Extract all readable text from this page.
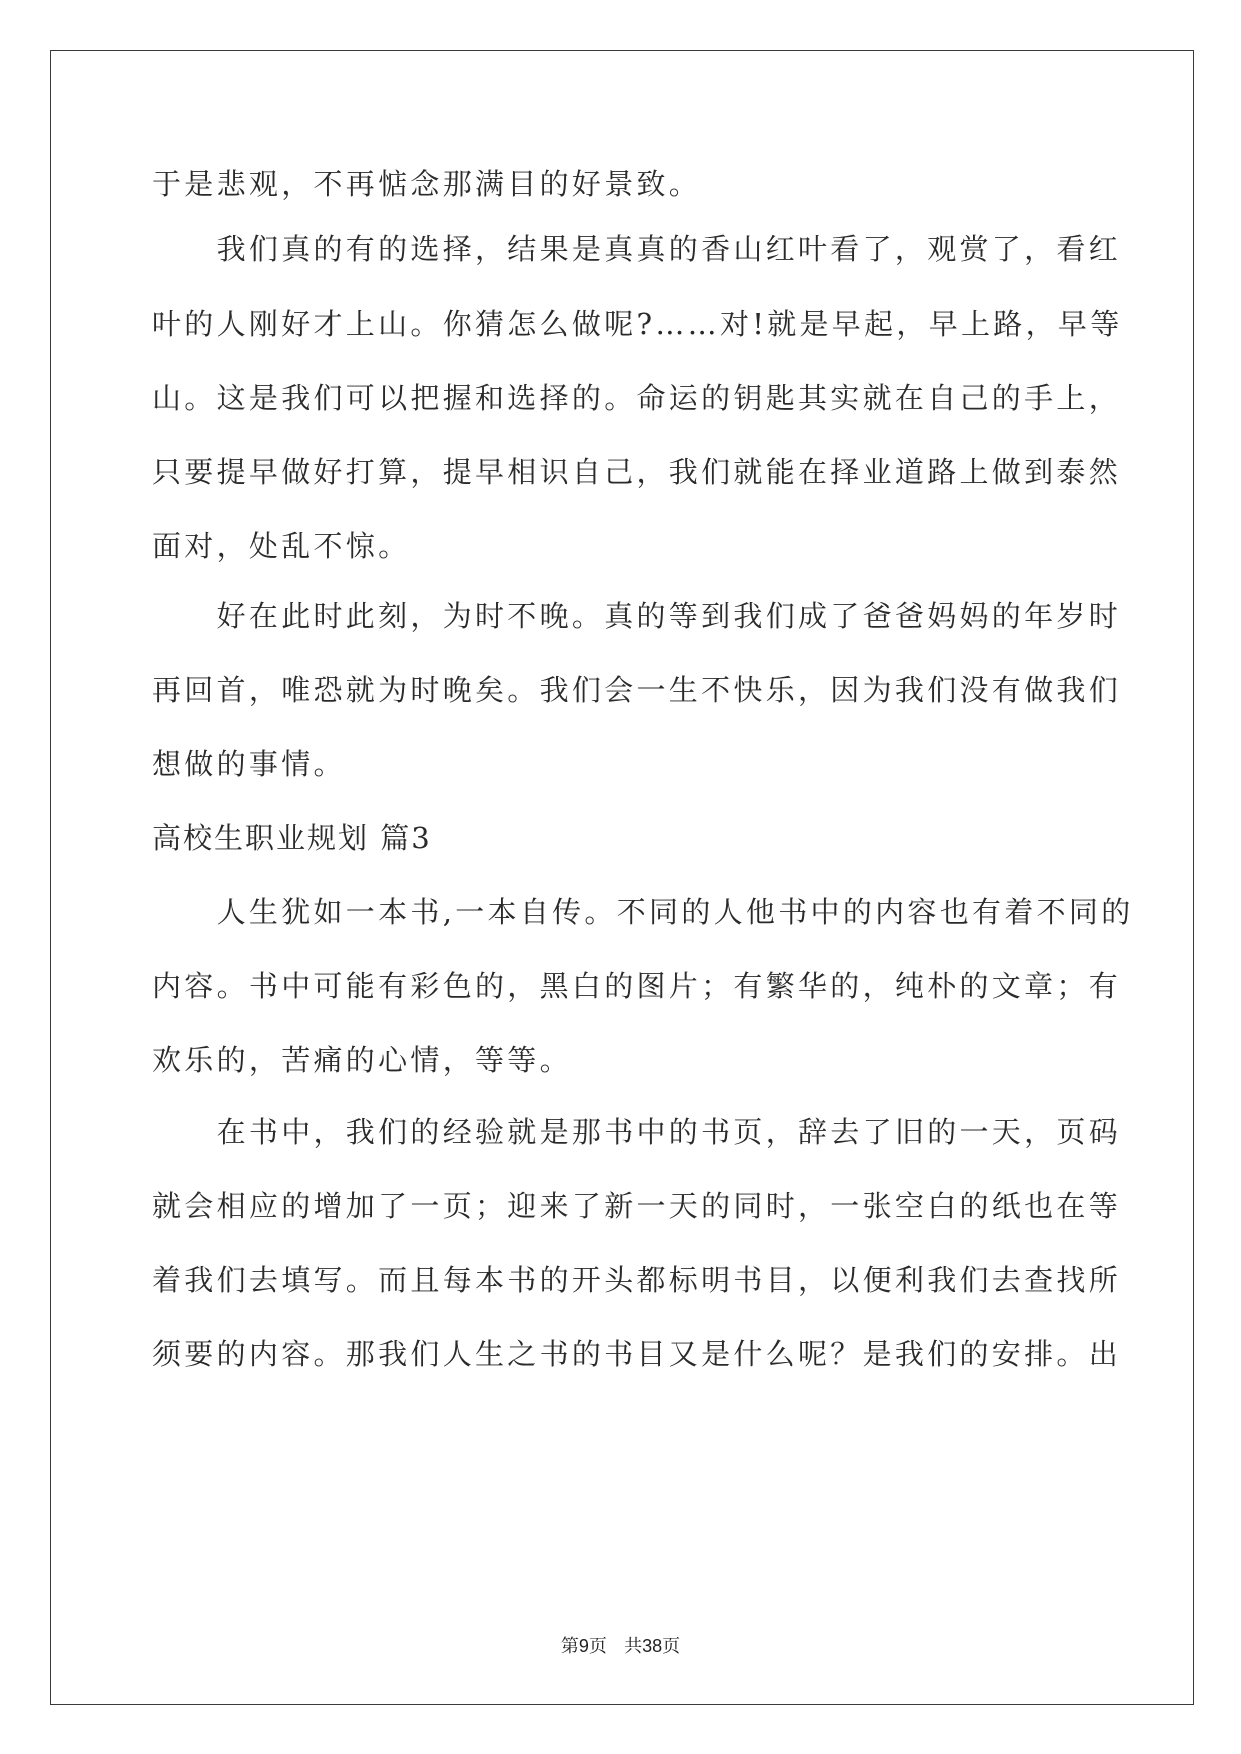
于是悲观，不再惦念那满目的好景致。
　　我们真的有的选择，结果是真真的香山红叶看了，观赏了，看红
叶的人刚好才上山。你猜怎么做呢?……对!就是早起，早上路，早等
山。这是我们可以把握和选择的。命运的钥匙其实就在自己的手上，
只要提早做好打算，提早相识自己，我们就能在择业道路上做到泰然
面对，处乱不惊。
　　好在此时此刻，为时不晚。真的等到我们成了爸爸妈妈的年岁时
再回首，唯恐就为时晚矣。我们会一生不快乐，因为我们没有做我们
想做的事情。
高校生职业规划 篇3
　　人生犹如一本书,一本自传。不同的人他书中的内容也有着不同的
内容。书中可能有彩色的，黑白的图片；有繁华的，纯朴的文章；有
欢乐的，苦痛的心情，等等。
　　在书中，我们的经验就是那书中的书页，辞去了旧的一天，页码
就会相应的增加了一页；迎来了新一天的同时，一张空白的纸也在等
着我们去填写。而且每本书的开头都标明书目，以便利我们去查找所
须要的内容。那我们人生之书的书目又是什么呢？是我们的安排。出
第9页 共38页
